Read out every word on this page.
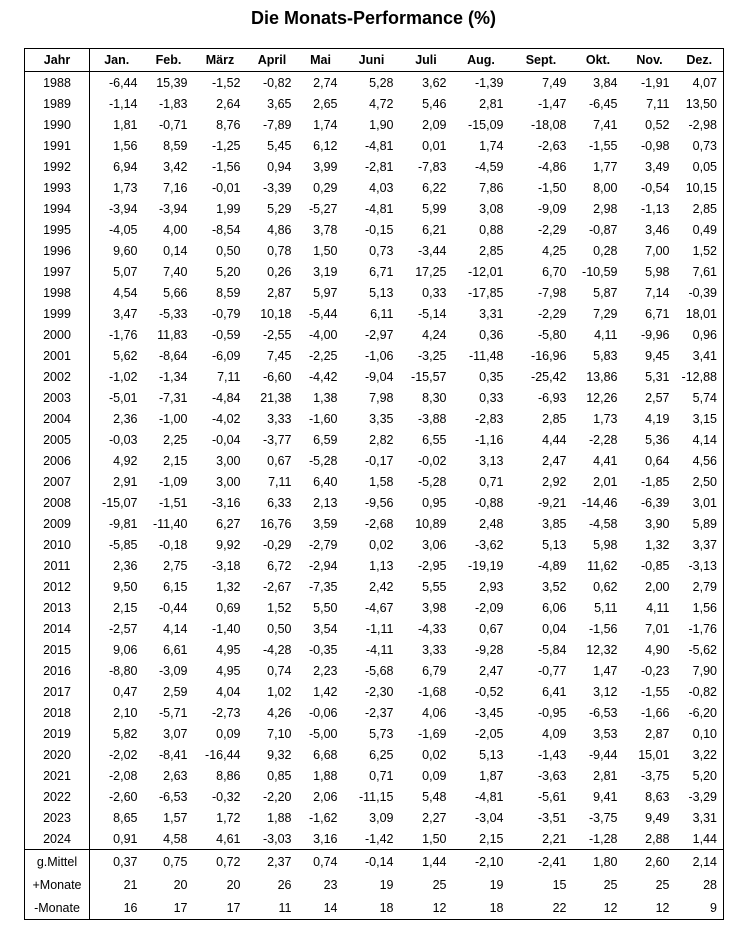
Die Monats-Performance (%)
Jahr	Jan.	Feb.	März	April	Mai	Juni	Juli	Aug.	Sept.	Okt.	Nov.	Dez.
1988	-6,44	15,39	-1,52	-0,82	2,74	5,28	3,62	-1,39	7,49	3,84	-1,91	4,07
1989	-1,14	-1,83	2,64	3,65	2,65	4,72	5,46	2,81	-1,47	-6,45	7,11	13,50
1990	1,81	-0,71	8,76	-7,89	1,74	1,90	2,09	-15,09	-18,08	7,41	0,52	-2,98
1991	1,56	8,59	-1,25	5,45	6,12	-4,81	0,01	1,74	-2,63	-1,55	-0,98	0,73
1992	6,94	3,42	-1,56	0,94	3,99	-2,81	-7,83	-4,59	-4,86	1,77	3,49	0,05
1993	1,73	7,16	-0,01	-3,39	0,29	4,03	6,22	7,86	-1,50	8,00	-0,54	10,15
1994	-3,94	-3,94	1,99	5,29	-5,27	-4,81	5,99	3,08	-9,09	2,98	-1,13	2,85
1995	-4,05	4,00	-8,54	4,86	3,78	-0,15	6,21	0,88	-2,29	-0,87	3,46	0,49
1996	9,60	0,14	0,50	0,78	1,50	0,73	-3,44	2,85	4,25	0,28	7,00	1,52
1997	5,07	7,40	5,20	0,26	3,19	6,71	17,25	-12,01	6,70	-10,59	5,98	7,61
1998	4,54	5,66	8,59	2,87	5,97	5,13	0,33	-17,85	-7,98	5,87	7,14	-0,39
1999	3,47	-5,33	-0,79	10,18	-5,44	6,11	-5,14	3,31	-2,29	7,29	6,71	18,01
2000	-1,76	11,83	-0,59	-2,55	-4,00	-2,97	4,24	0,36	-5,80	4,11	-9,96	0,96
2001	5,62	-8,64	-6,09	7,45	-2,25	-1,06	-3,25	-11,48	-16,96	5,83	9,45	3,41
2002	-1,02	-1,34	7,11	-6,60	-4,42	-9,04	-15,57	0,35	-25,42	13,86	5,31	-12,88
2003	-5,01	-7,31	-4,84	21,38	1,38	7,98	8,30	0,33	-6,93	12,26	2,57	5,74
2004	2,36	-1,00	-4,02	3,33	-1,60	3,35	-3,88	-2,83	2,85	1,73	4,19	3,15
2005	-0,03	2,25	-0,04	-3,77	6,59	2,82	6,55	-1,16	4,44	-2,28	5,36	4,14
2006	4,92	2,15	3,00	0,67	-5,28	-0,17	-0,02	3,13	2,47	4,41	0,64	4,56
2007	2,91	-1,09	3,00	7,11	6,40	1,58	-5,28	0,71	2,92	2,01	-1,85	2,50
2008	-15,07	-1,51	-3,16	6,33	2,13	-9,56	0,95	-0,88	-9,21	-14,46	-6,39	3,01
2009	-9,81	-11,40	6,27	16,76	3,59	-2,68	10,89	2,48	3,85	-4,58	3,90	5,89
2010	-5,85	-0,18	9,92	-0,29	-2,79	0,02	3,06	-3,62	5,13	5,98	1,32	3,37
2011	2,36	2,75	-3,18	6,72	-2,94	1,13	-2,95	-19,19	-4,89	11,62	-0,85	-3,13
2012	9,50	6,15	1,32	-2,67	-7,35	2,42	5,55	2,93	3,52	0,62	2,00	2,79
2013	2,15	-0,44	0,69	1,52	5,50	-4,67	3,98	-2,09	6,06	5,11	4,11	1,56
2014	-2,57	4,14	-1,40	0,50	3,54	-1,11	-4,33	0,67	0,04	-1,56	7,01	-1,76
2015	9,06	6,61	4,95	-4,28	-0,35	-4,11	3,33	-9,28	-5,84	12,32	4,90	-5,62
2016	-8,80	-3,09	4,95	0,74	2,23	-5,68	6,79	2,47	-0,77	1,47	-0,23	7,90
2017	0,47	2,59	4,04	1,02	1,42	-2,30	-1,68	-0,52	6,41	3,12	-1,55	-0,82
2018	2,10	-5,71	-2,73	4,26	-0,06	-2,37	4,06	-3,45	-0,95	-6,53	-1,66	-6,20
2019	5,82	3,07	0,09	7,10	-5,00	5,73	-1,69	-2,05	4,09	3,53	2,87	0,10
2020	-2,02	-8,41	-16,44	9,32	6,68	6,25	0,02	5,13	-1,43	-9,44	15,01	3,22
2021	-2,08	2,63	8,86	0,85	1,88	0,71	0,09	1,87	-3,63	2,81	-3,75	5,20
2022	-2,60	-6,53	-0,32	-2,20	2,06	-11,15	5,48	-4,81	-5,61	9,41	8,63	-3,29
2023	8,65	1,57	1,72	1,88	-1,62	3,09	2,27	-3,04	-3,51	-3,75	9,49	3,31
2024	0,91	4,58	4,61	-3,03	3,16	-1,42	1,50	2,15	2,21	-1,28	2,88	1,44
g.Mittel	0,37	0,75	0,72	2,37	0,74	-0,14	1,44	-2,10	-2,41	1,80	2,60	2,14
+Monate	21	20	20	26	23	19	25	19	15	25	25	28
-Monate	16	17	17	11	14	18	12	18	22	12	12	9
